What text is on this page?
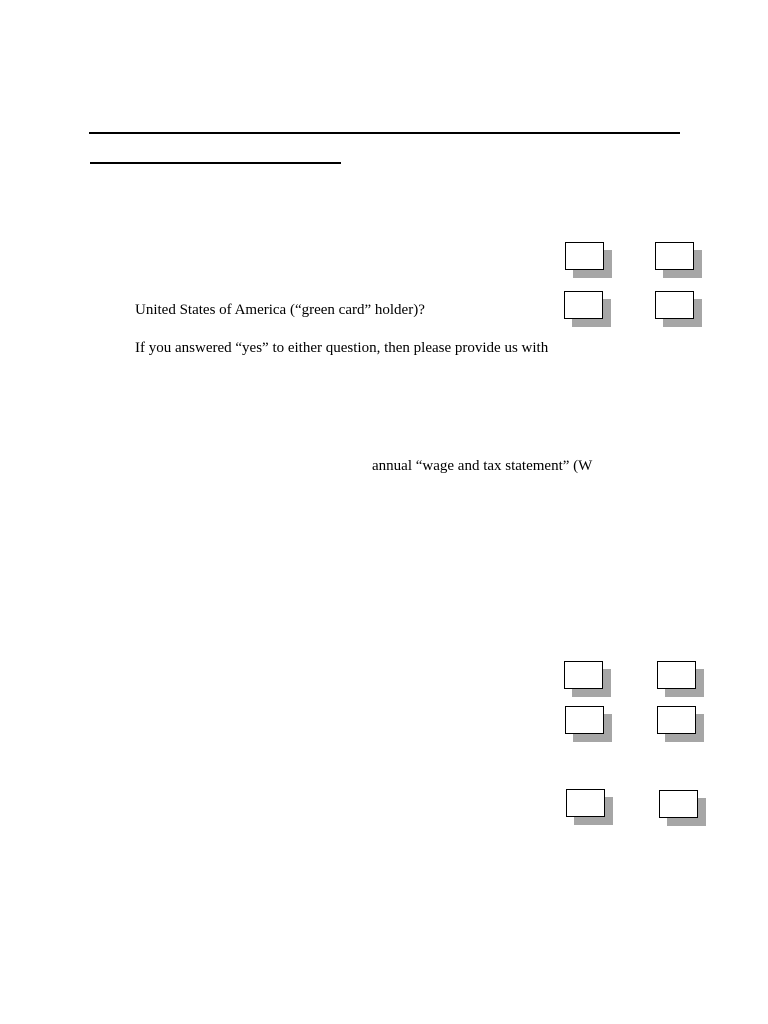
United States of America (“green card” holder)?
If you answered “yes” to either question, then please provide us with
annual “wage and tax statement” (W
